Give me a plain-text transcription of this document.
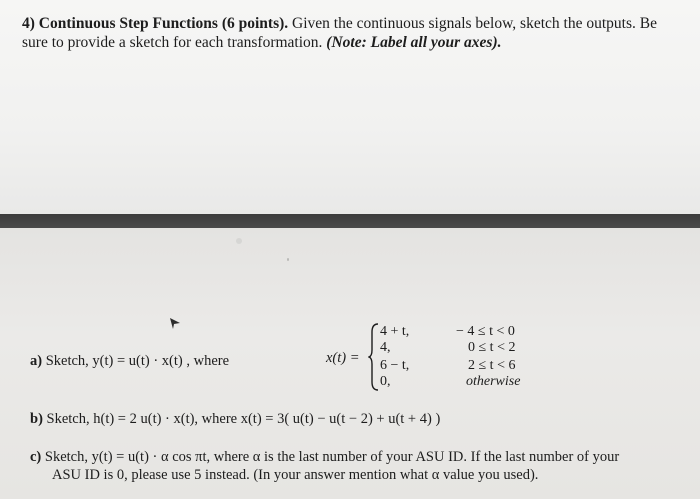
4) Continuous Step Functions (6 points). Given the continuous signals below, sketch the outputs. Be sure to provide a sketch for each transformation. (Note: Label all your axes).
a) Sketch, y(t) = u(t) · x(t) , where	x(t) =
4 + t,	− 4 ≤ t < 0
4,	0 ≤ t < 2
6 − t,	2 ≤ t < 6
0,	otherwise
b) Sketch, h(t) = 2 u(t) · x(t), where x(t) = 3( u(t) − u(t − 2) + u(t + 4) )
c) Sketch, y(t) = u(t) · α cos πt, where α is the last number of your ASU ID. If the last number of your
ASU ID is 0, please use 5 instead. (In your answer mention what α value you used).
